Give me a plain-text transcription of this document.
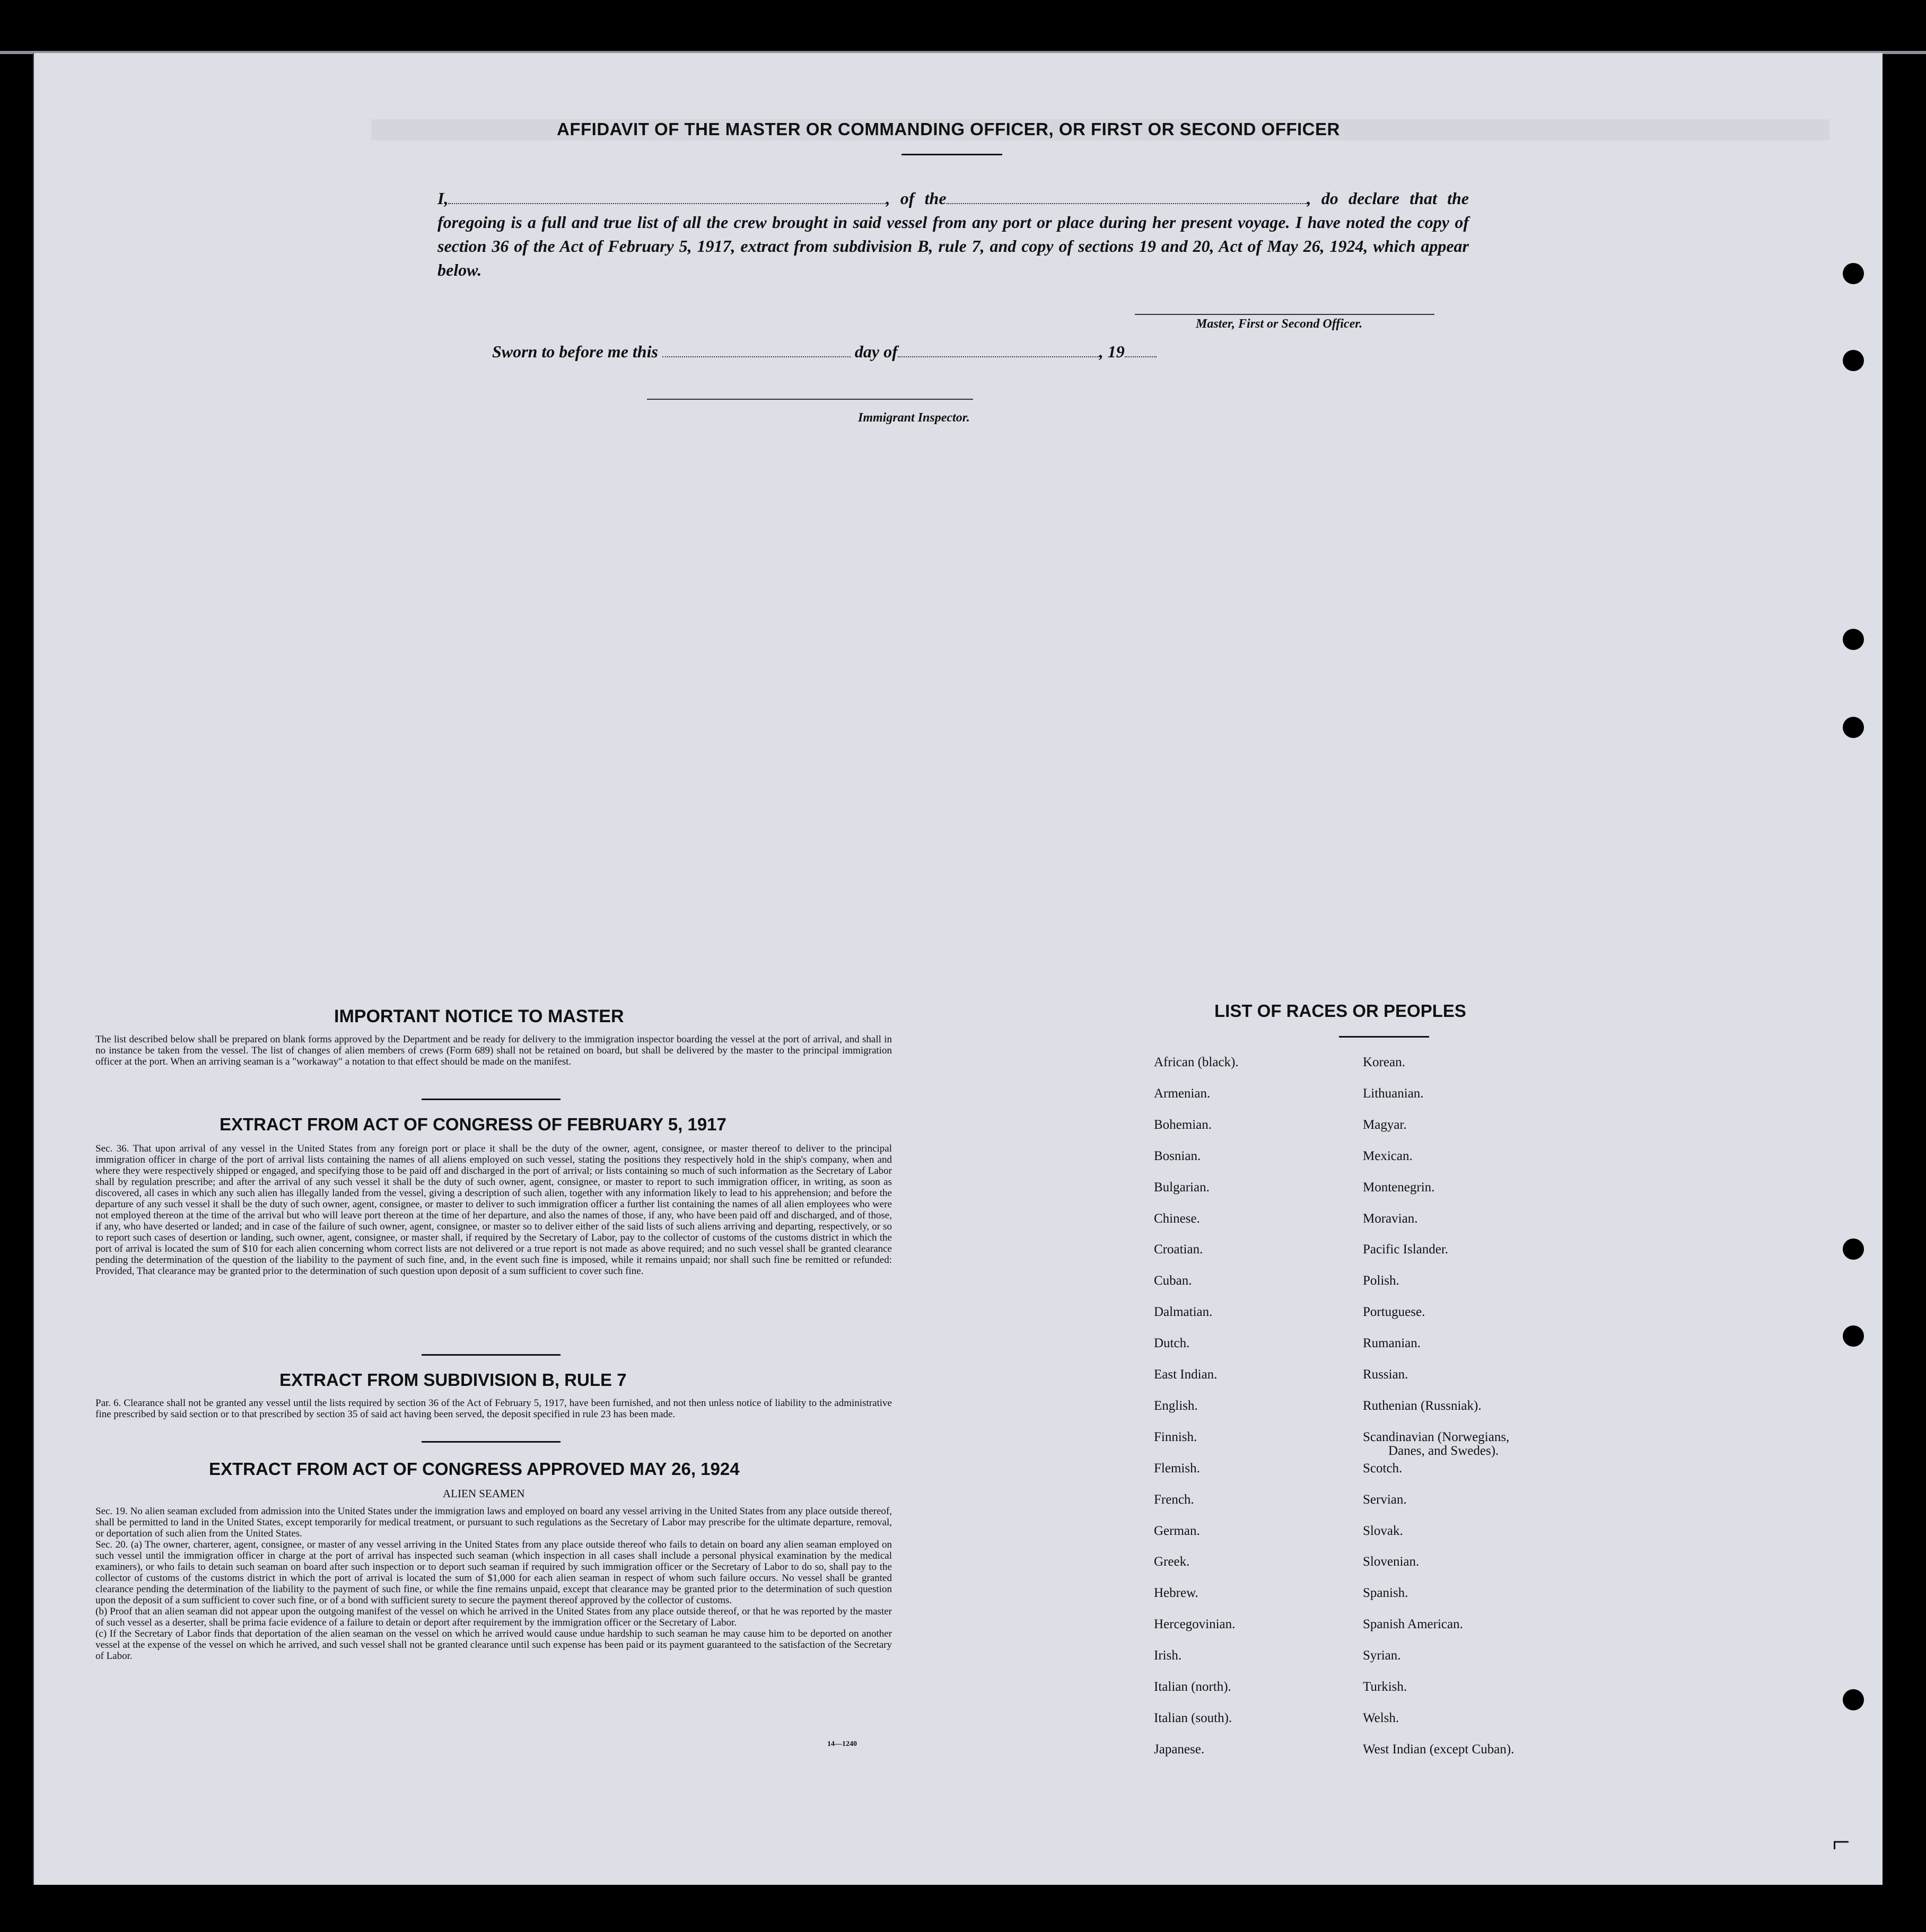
AFFIDAVIT OF THE MASTER OR COMMANDING OFFICER, OR FIRST OR SECOND OFFICER
I,	, of the	, do declare that the foregoing is a full and true list of all the crew brought in said vessel from any port or place during her present voyage. I have noted the copy of section 36 of the Act of February 5, 1917, extract from subdivision B, rule 7, and copy of sections 19 and 20, Act of May 26, 1924, which appear below.
Master, First or Second Officer.
Sworn to before me this	day of	, 19
Immigrant Inspector.
IMPORTANT NOTICE TO MASTER
The list described below shall be prepared on blank forms approved by the Department and be ready for delivery to the immigration inspector boarding the vessel at the port of arrival, and shall in no instance be taken from the vessel. The list of changes of alien members of crews (Form 689) shall not be retained on board, but shall be delivered by the master to the principal immigration officer at the port. When an arriving seaman is a "workaway" a notation to that effect should be made on the manifest.
EXTRACT FROM ACT OF CONGRESS OF FEBRUARY 5, 1917
Sec. 36. That upon arrival of any vessel in the United States from any foreign port or place it shall be the duty of the owner, agent, consignee, or master thereof to deliver to the principal immigration officer in charge of the port of arrival lists containing the names of all aliens employed on such vessel, stating the positions they respectively hold in the ship's company, when and where they were respectively shipped or engaged, and specifying those to be paid off and discharged in the port of arrival; or lists containing so much of such information as the Secretary of Labor shall by regulation prescribe; and after the arrival of any such vessel it shall be the duty of such owner, agent, consignee, or master to report to such immigration officer, in writing, as soon as discovered, all cases in which any such alien has illegally landed from the vessel, giving a description of such alien, together with any information likely to lead to his apprehension; and before the departure of any such vessel it shall be the duty of such owner, agent, consignee, or master to deliver to such immigration officer a further list containing the names of all alien employees who were not employed thereon at the time of the arrival but who will leave port thereon at the time of her departure, and also the names of those, if any, who have been paid off and discharged, and of those, if any, who have deserted or landed; and in case of the failure of such owner, agent, consignee, or master so to deliver either of the said lists of such aliens arriving and departing, respectively, or so to report such cases of desertion or landing, such owner, agent, consignee, or master shall, if required by the Secretary of Labor, pay to the collector of customs of the customs district in which the port of arrival is located the sum of $10 for each alien concerning whom correct lists are not delivered or a true report is not made as above required; and no such vessel shall be granted clearance pending the determination of the question of the liability to the payment of such fine, and, in the event such fine is imposed, while it remains unpaid; nor shall such fine be remitted or refunded: Provided, That clearance may be granted prior to the determination of such question upon deposit of a sum sufficient to cover such fine.
EXTRACT FROM SUBDIVISION B, RULE 7
Par. 6. Clearance shall not be granted any vessel until the lists required by section 36 of the Act of February 5, 1917, have been furnished, and not then unless notice of liability to the administrative fine prescribed by said section or to that prescribed by section 35 of said act having been served, the deposit specified in rule 23 has been made.
EXTRACT FROM ACT OF CONGRESS APPROVED MAY 26, 1924
ALIEN SEAMEN
Sec. 19. No alien seaman excluded from admission into the United States under the immigration laws and employed on board any vessel arriving in the United States from any place outside thereof, shall be permitted to land in the United States, except temporarily for medical treatment, or pursuant to such regulations as the Secretary of Labor may prescribe for the ultimate departure, removal, or deportation of such alien from the United States.
Sec. 20. (a) The owner, charterer, agent, consignee, or master of any vessel arriving in the United States from any place outside thereof who fails to detain on board any alien seaman employed on such vessel until the immigration officer in charge at the port of arrival has inspected such seaman (which inspection in all cases shall include a personal physical examination by the medical examiners), or who fails to detain such seaman on board after such inspection or to deport such seaman if required by such immigration officer or the Secretary of Labor to do so, shall pay to the collector of customs of the customs district in which the port of arrival is located the sum of $1,000 for each alien seaman in respect of whom such failure occurs. No vessel shall be granted clearance pending the determination of the liability to the payment of such fine, or while the fine remains unpaid, except that clearance may be granted prior to the determination of such question upon the deposit of a sum sufficient to cover such fine, or of a bond with sufficient surety to secure the payment thereof approved by the collector of customs.
(b) Proof that an alien seaman did not appear upon the outgoing manifest of the vessel on which he arrived in the United States from any place outside thereof, or that he was reported by the master of such vessel as a deserter, shall be prima facie evidence of a failure to detain or deport after requirement by the immigration officer or the Secretary of Labor.
(c) If the Secretary of Labor finds that deportation of the alien seaman on the vessel on which he arrived would cause undue hardship to such seaman he may cause him to be deported on another vessel at the expense of the vessel on which he arrived, and such vessel shall not be granted clearance until such expense has been paid or its payment guaranteed to the satisfaction of the Secretary of Labor.
14—1240
LIST OF RACES OR PEOPLES
African (black).
Armenian.
Bohemian.
Bosnian.
Bulgarian.
Chinese.
Croatian.
Cuban.
Dalmatian.
Dutch.
East Indian.
English.
Finnish.
Flemish.
French.
German.
Greek.
Hebrew.
Hercegovinian.
Irish.
Italian (north).
Italian (south).
Japanese.
Korean.
Lithuanian.
Magyar.
Mexican.
Montenegrin.
Moravian.
Pacific Islander.
Polish.
Portuguese.
Rumanian.
Russian.
Ruthenian (Russniak).
Scandinavian (Norwegians,
Danes, and Swedes).
Scotch.
Servian.
Slovak.
Slovenian.
Spanish.
Spanish American.
Syrian.
Turkish.
Welsh.
West Indian (except Cuban).
⌐
